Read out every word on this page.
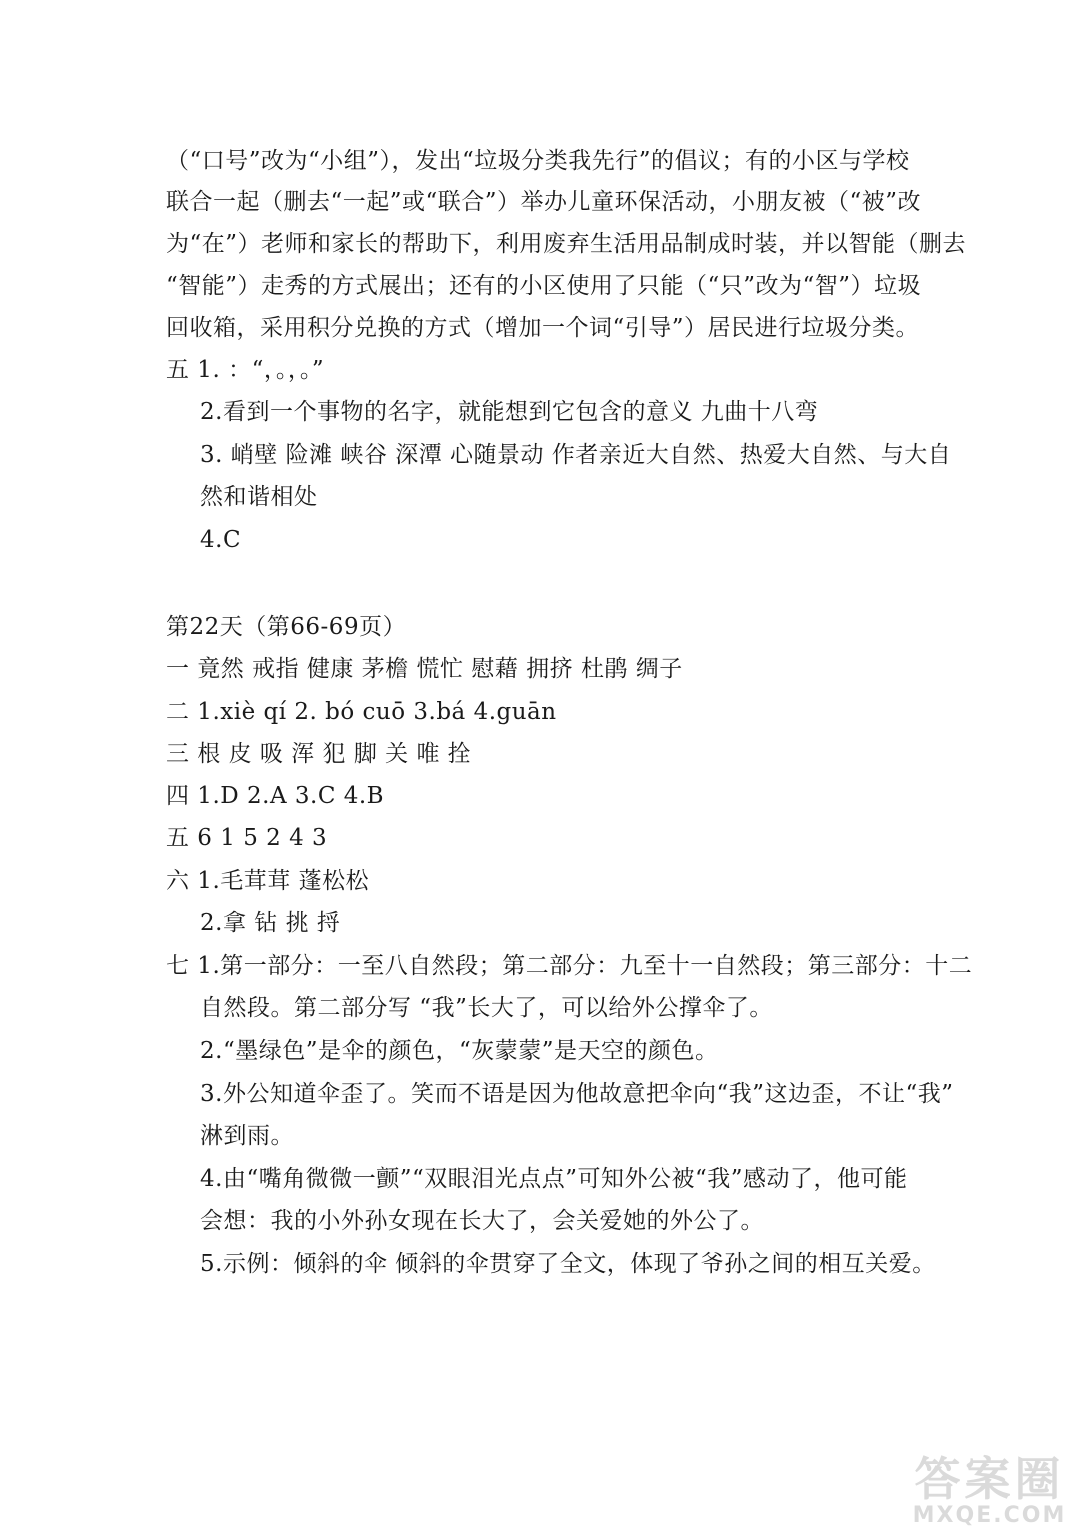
（“口号”改为“小组”），发出“垃圾分类我先行”的倡议；有的小区与学校
联合一起（删去“一起”或“联合”）举办儿童环保活动，小朋友被（“被”改
为“在”）老师和家长的帮助下，利用废弃生活用品制成时装，并以智能（删去
“智能”）走秀的方式展出；还有的小区使用了只能（“只”改为“智”）垃圾
回收箱，采用积分兑换的方式（增加一个词“引导”）居民进行垃圾分类。
五 1. ：“，。，。”
2.看到一个事物的名字，就能想到它包含的意义 九曲十八弯
3. 峭壁 险滩 峡谷 深潭 心随景动 作者亲近大自然、热爱大自然、与大自
然和谐相处
4.C
第22天（第66-69页）
一 竟然 戒指 健康 茅檐 慌忙 慰藉 拥挤 杜鹃 绸子
二 1.xiè qí 2. bó cuō 3.bá 4.guān
三 根 皮 吸 浑 犯 脚 关 唯 拴
四 1.D 2.A 3.C 4.B
五 6 1 5 2 4 3
六 1.毛茸茸 蓬松松
2.拿 钻 挑 捋
七 1.第一部分：一至八自然段；第二部分：九至十一自然段；第三部分：十二
自然段。第二部分写 “我”长大了，可以给外公撑伞了。
2.“墨绿色”是伞的颜色，“灰蒙蒙”是天空的颜色。
3.外公知道伞歪了。笑而不语是因为他故意把伞向“我”这边歪，不让“我”
淋到雨。
4.由“嘴角微微一颤”“双眼泪光点点”可知外公被“我”感动了，他可能
会想：我的小外孙女现在长大了，会关爱她的外公了。
5.示例：倾斜的伞 倾斜的伞贯穿了全文，体现了爷孙之间的相互关爱。
答案圈
MXQE.COM
